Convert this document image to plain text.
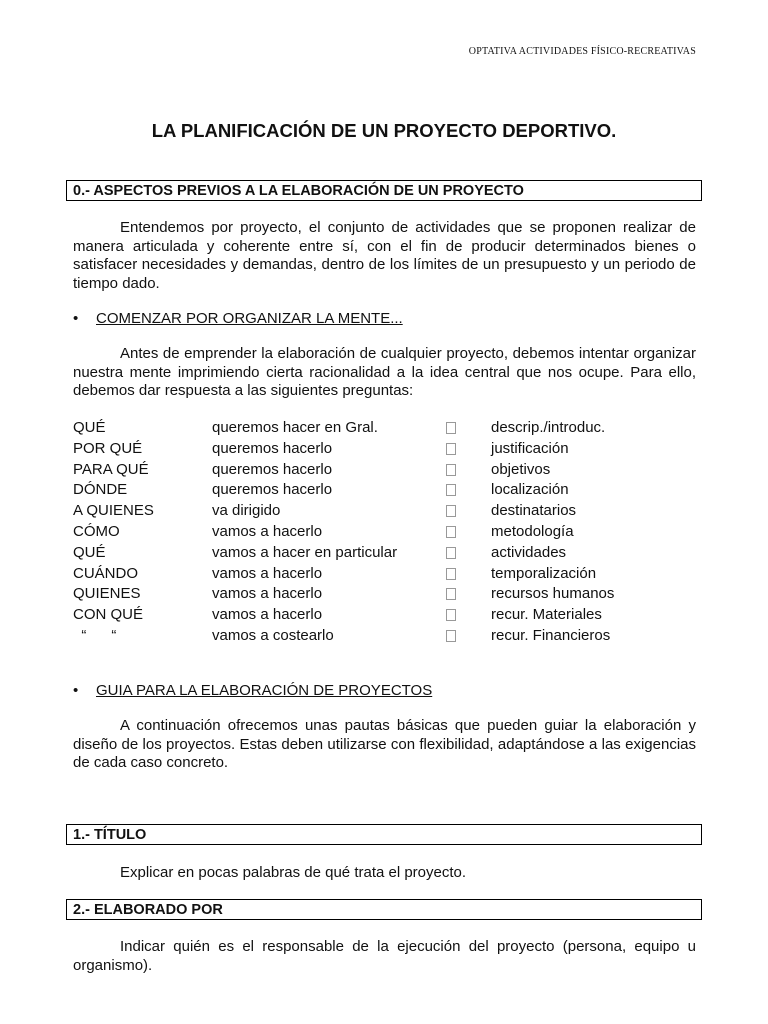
OPTATIVA ACTIVIDADES FÍSICO-RECREATIVAS
LA PLANIFICACIÓN DE UN PROYECTO DEPORTIVO.
0.- ASPECTOS PREVIOS A LA ELABORACIÓN DE UN PROYECTO
Entendemos por proyecto, el conjunto de actividades que se proponen realizar de manera articulada y coherente entre sí, con el fin de producir determinados bienes o satisfacer necesidades y demandas, dentro de los límites de un presupuesto y un periodo de tiempo dado.
• COMENZAR POR ORGANIZAR LA MENTE...
Antes de emprender la elaboración de cualquier proyecto, debemos intentar organizar nuestra mente imprimiendo cierta racionalidad a la idea central que nos ocupe. Para ello, debemos dar respuesta a las siguientes preguntas:
QUÉ	queremos hacer en Gral.	descrip./introduc.
POR QUÉ	queremos hacerlo	justificación
PARA QUÉ	queremos hacerlo	objetivos
DÓNDE	queremos hacerlo	localización
A QUIENES	va dirigido	destinatarios
CÓMO	vamos a hacerlo	metodología
QUÉ	vamos a hacer en particular	actividades
CUÁNDO	vamos a hacerlo	temporalización
QUIENES	vamos a hacerlo	recursos humanos
CON QUÉ	vamos a hacerlo	recur. Materiales
“      “	vamos a costearlo	recur. Financieros
• GUIA PARA LA ELABORACIÓN DE PROYECTOS
A continuación ofrecemos unas pautas básicas que pueden guiar la elaboración y diseño de los proyectos. Estas deben utilizarse con flexibilidad, adaptándose a las exigencias de cada caso concreto.
1.- TÍTULO
Explicar en pocas palabras de qué trata el proyecto.
2.- ELABORADO POR
Indicar quién es el responsable de la ejecución del proyecto (persona, equipo u organismo).
